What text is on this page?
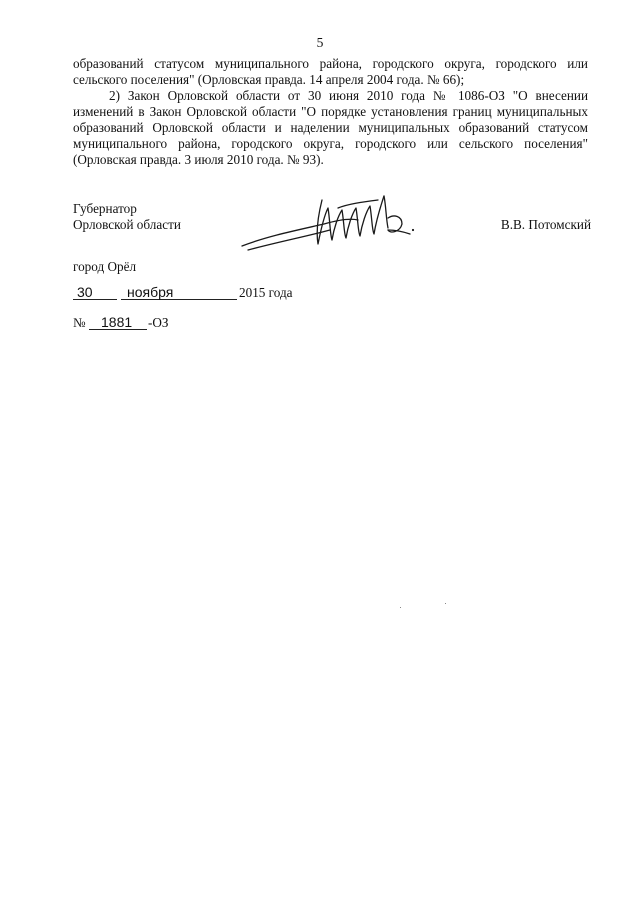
5

образований статусом муниципального района, городского округа, городского или сельского поселения" (Орловская правда. 14 апреля 2004 года. № 66);

2) Закон Орловской области от 30 июня 2010 года № 1086-ОЗ "О внесении изменений в Закон Орловской области "О порядке установления границ муниципальных образований Орловской области и наделении муниципальных образований статусом муниципального района, городского округа, городского или сельского поселения" (Орловская правда. 3 июля 2010 года. № 93).

Губернатор
Орловской области	В.В. Потомский
город Орёл
30 ноября	2015 года
№ 1881 -ОЗ
